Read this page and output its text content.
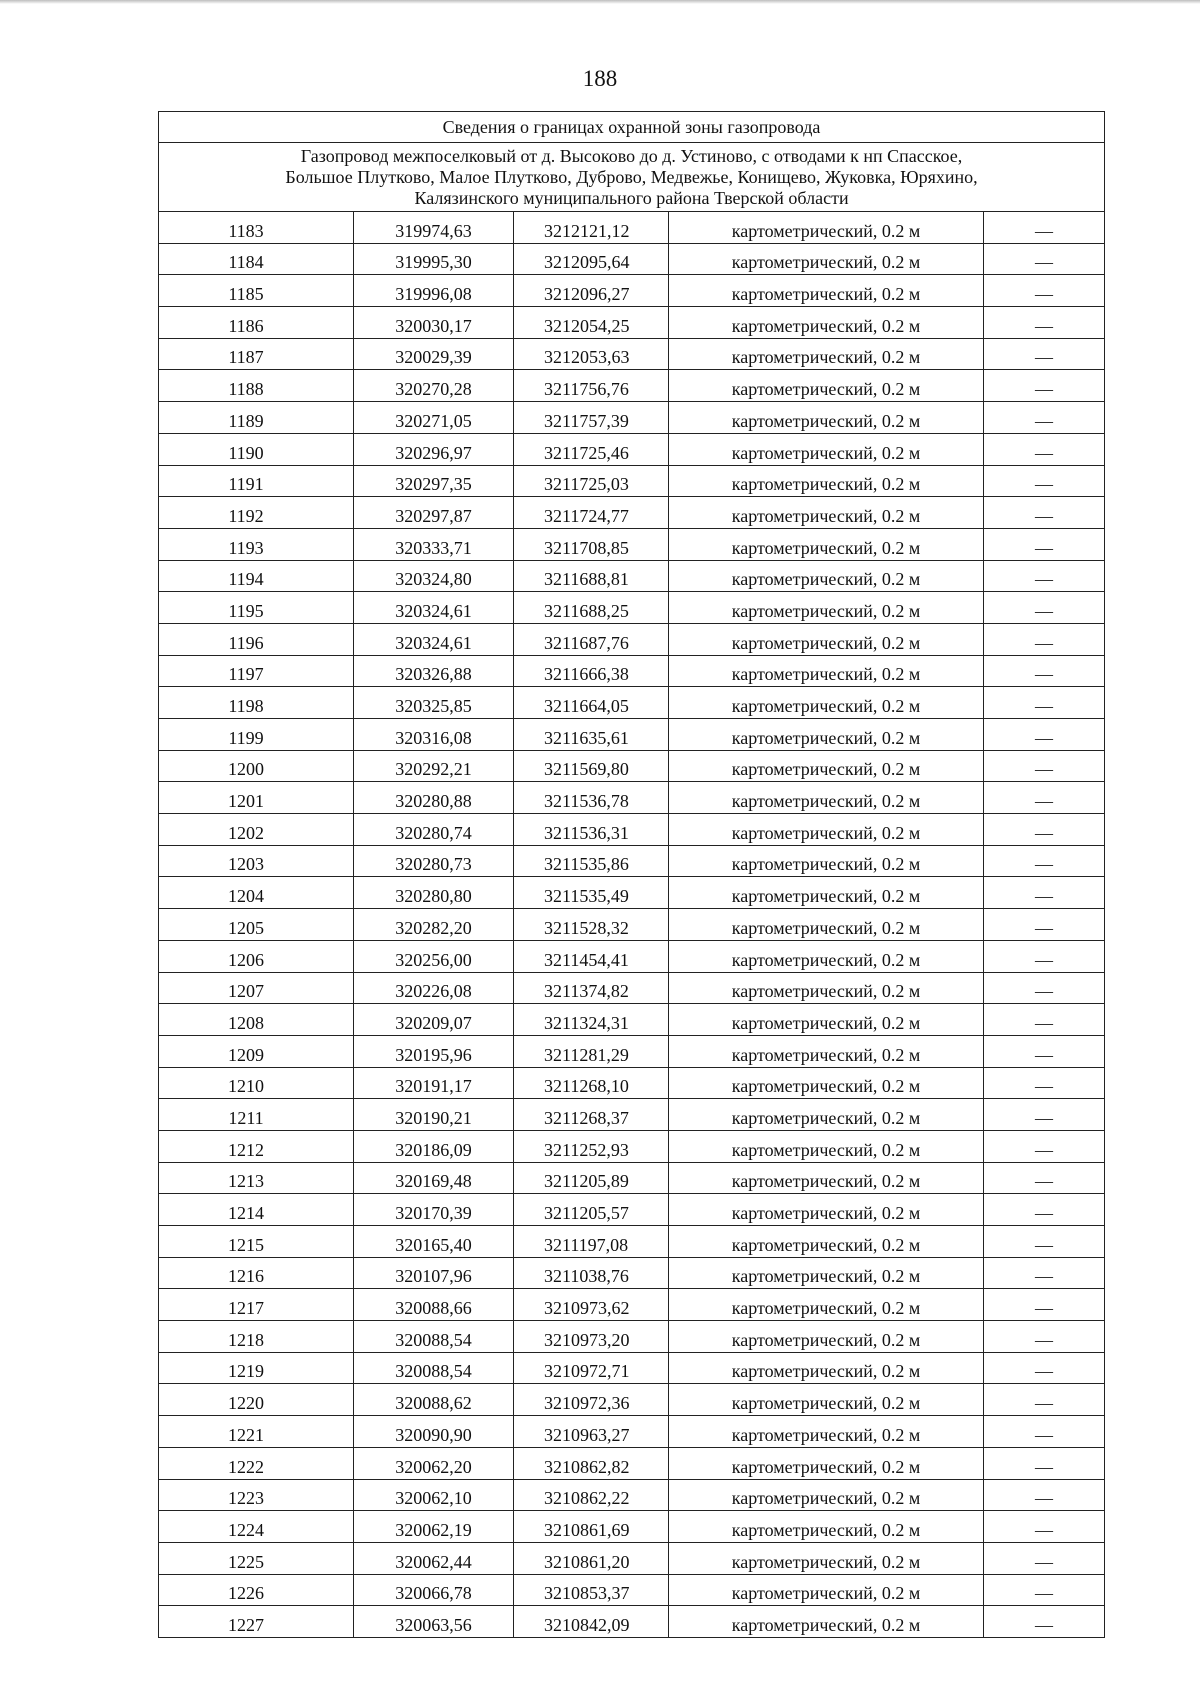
188
Сведения о границах охранной зоны газопровода				

Газопровод межпоселковый от д. Высоково до д. Устиново, с отводами к нп Спасское,
Большое Плутково, Малое Плутково, Дуброво, Медвежье, Конищево, Жуковка, Юряхино,
Калязинского муниципального района Тверской области				

1183	319974,63	3212121,12	картометрический, 0.2 м	—
1184	319995,30	3212095,64	картометрический, 0.2 м	—
1185	319996,08	3212096,27	картометрический, 0.2 м	—
1186	320030,17	3212054,25	картометрический, 0.2 м	—
1187	320029,39	3212053,63	картометрический, 0.2 м	—
1188	320270,28	3211756,76	картометрический, 0.2 м	—
1189	320271,05	3211757,39	картометрический, 0.2 м	—
1190	320296,97	3211725,46	картометрический, 0.2 м	—
1191	320297,35	3211725,03	картометрический, 0.2 м	—
1192	320297,87	3211724,77	картометрический, 0.2 м	—
1193	320333,71	3211708,85	картометрический, 0.2 м	—
1194	320324,80	3211688,81	картометрический, 0.2 м	—
1195	320324,61	3211688,25	картометрический, 0.2 м	—
1196	320324,61	3211687,76	картометрический, 0.2 м	—
1197	320326,88	3211666,38	картометрический, 0.2 м	—
1198	320325,85	3211664,05	картометрический, 0.2 м	—
1199	320316,08	3211635,61	картометрический, 0.2 м	—
1200	320292,21	3211569,80	картометрический, 0.2 м	—
1201	320280,88	3211536,78	картометрический, 0.2 м	—
1202	320280,74	3211536,31	картометрический, 0.2 м	—
1203	320280,73	3211535,86	картометрический, 0.2 м	—
1204	320280,80	3211535,49	картометрический, 0.2 м	—
1205	320282,20	3211528,32	картометрический, 0.2 м	—
1206	320256,00	3211454,41	картометрический, 0.2 м	—
1207	320226,08	3211374,82	картометрический, 0.2 м	—
1208	320209,07	3211324,31	картометрический, 0.2 м	—
1209	320195,96	3211281,29	картометрический, 0.2 м	—
1210	320191,17	3211268,10	картометрический, 0.2 м	—
1211	320190,21	3211268,37	картометрический, 0.2 м	—
1212	320186,09	3211252,93	картометрический, 0.2 м	—
1213	320169,48	3211205,89	картометрический, 0.2 м	—
1214	320170,39	3211205,57	картометрический, 0.2 м	—
1215	320165,40	3211197,08	картометрический, 0.2 м	—
1216	320107,96	3211038,76	картометрический, 0.2 м	—
1217	320088,66	3210973,62	картометрический, 0.2 м	—
1218	320088,54	3210973,20	картометрический, 0.2 м	—
1219	320088,54	3210972,71	картометрический, 0.2 м	—
1220	320088,62	3210972,36	картометрический, 0.2 м	—
1221	320090,90	3210963,27	картометрический, 0.2 м	—
1222	320062,20	3210862,82	картометрический, 0.2 м	—
1223	320062,10	3210862,22	картометрический, 0.2 м	—
1224	320062,19	3210861,69	картометрический, 0.2 м	—
1225	320062,44	3210861,20	картометрический, 0.2 м	—
1226	320066,78	3210853,37	картометрический, 0.2 м	—
1227	320063,56	3210842,09	картометрический, 0.2 м	—
